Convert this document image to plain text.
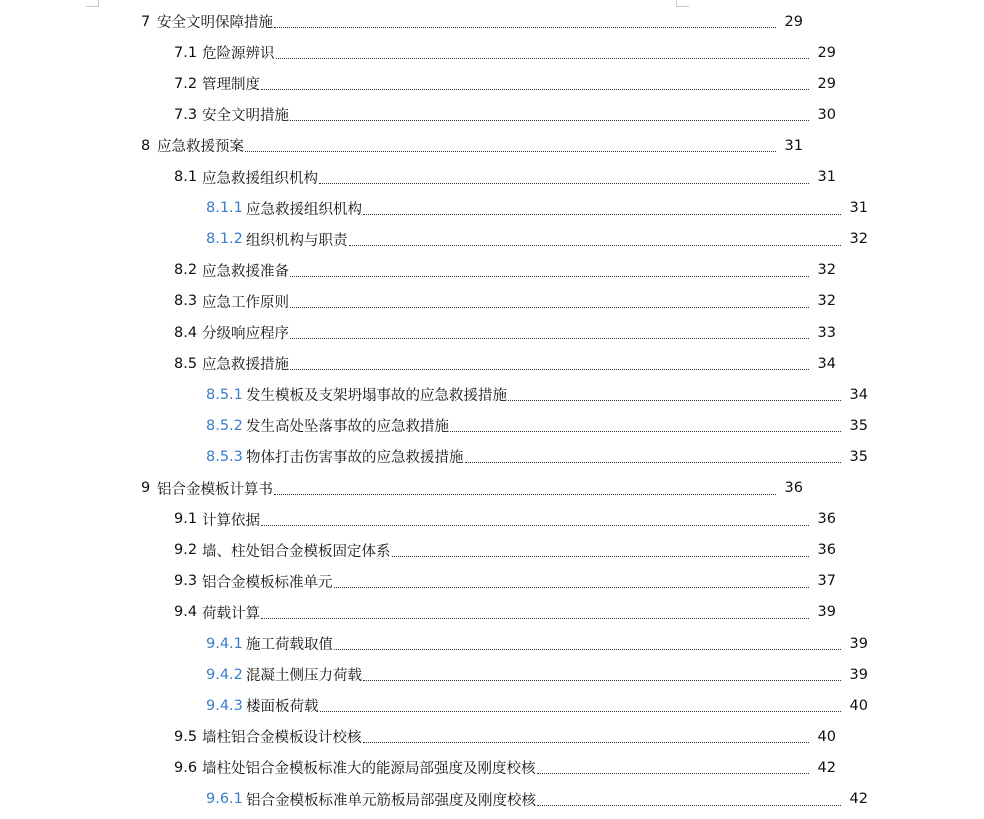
7 安全文明保障措施	29
7.1 危险源辨识	29
7.2 管理制度	29
7.3 安全文明措施	30
8 应急救援预案	31
8.1 应急救援组织机构	31
8.1.1 应急救援组织机构	31
8.1.2 组织机构与职责	32
8.2 应急救援准备	32
8.3 应急工作原则	32
8.4 分级响应程序	33
8.5 应急救援措施	34
8.5.1 发生模板及支架坍塌事故的应急救援措施	34
8.5.2 发生高处坠落事故的应急救措施	35
8.5.3 物体打击伤害事故的应急救援措施	35
9 铝合金模板计算书	36
9.1 计算依据	36
9.2 墙、柱处铝合金模板固定体系	36
9.3 铝合金模板标准单元	37
9.4 荷载计算	39
9.4.1 施工荷载取值	39
9.4.2 混凝土侧压力荷载	39
9.4.3 楼面板荷载	40
9.5 墙柱铝合金模板设计校核	40
9.6 墙柱处铝合金模板标准大的能源局部强度及刚度校核	42
9.6.1 铝合金模板标准单元筋板局部强度及刚度校核	42
